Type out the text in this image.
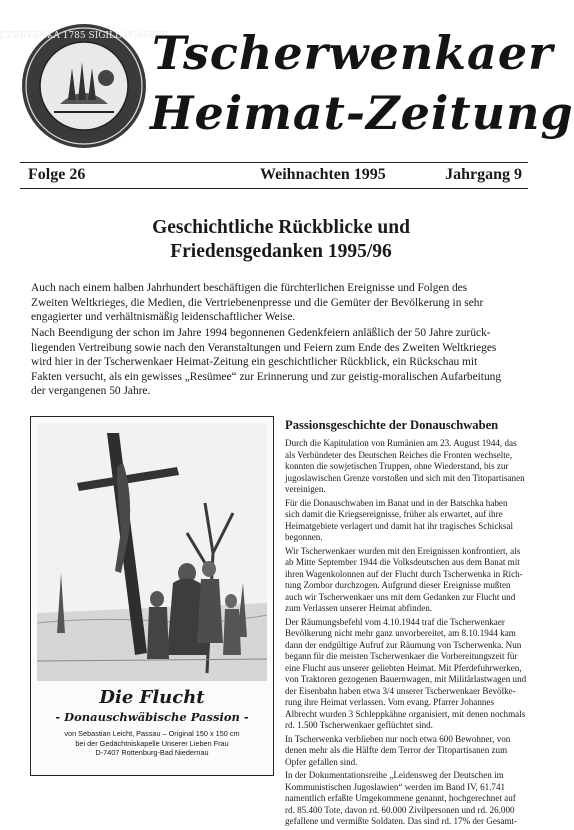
CZERVENKA 1785 SIGILL POSSESS
Tscherwenkaer
Heimat-Zeitung
Folge 26	Weihnachten 1995	Jahrgang 9
Geschichtliche Rückblicke und
Friedensgedanken 1995/96
Auch nach einem halben Jahrhundert beschäftigen die fürchterlichen Ereignisse und Folgen des
Zweiten Weltkrieges, die Medien, die Vertriebenenpresse und die Gemüter der Bevölkerung in sehr
engagierter und verhältnismäßig leidenschaftlicher Weise.
Nach Beendigung der schon im Jahre 1994 begonnenen Gedenkfeiern anläßlich der 50 Jahre zurück-
liegenden Vertreibung sowie nach den Veranstaltungen und Feiern zum Ende des Zweiten Weltkrieges
wird hier in der Tscherwenkaer Heimat-Zeitung ein geschichtlicher Rückblick, ein Rückschau mit
Fakten versucht, als ein gewisses „Resümee“ zur Erinnerung und zur geistig-moralischen Aufarbeitung
der vergangenen 50 Jahre.
Die Flucht
- Donauschwäbische Passion -
von Sebastian Leicht, Passau – Original 150 x 150 cm
bei der Gedächtniskapelle Unserer Lieben Frau
D-7407 Rottenburg-Bad Niedernau
Passionsgeschichte der Donauschwaben

Durch die Kapitulation von Rumänien am 23. August 1944, das
als Verbündeter des Deutschen Reiches die Fronten wechselte,
konnten die sowjetischen Truppen, ohne Wiederstand, bis zur
jugoslawischen Grenze vorstoßen und sich mit den Titopartisanen
vereinigen.

Für die Donauschwaben im Banat und in der Batschka haben
sich damit die Kriegsereignisse, früher als erwartet, auf ihre
Heimatgebiete verlagert und damit hat ihr tragisches Schicksal
begonnen.

Wir Tscherwenkaer wurden mit den Ereignissen konfrontiert, als
ab Mitte September 1944 die Volksdeutschen aus dem Banat mit
ihren Wagenkolonnen auf der Flucht durch Tscherwenka in Rich-
tung Zombor durchzogen. Aufgrund dieser Ereignisse mußten
auch wir Tscherwenkaer uns mit dem Gedanken zur Flucht und
zum Verlassen unserer Heimat abfinden.

Der Räumungsbefehl vom 4.10.1944 traf die Tscherwenkaer
Bevölkerung nicht mehr ganz unvorbereitet, am 8.10.1944 kam
dann der endgültige Aufruf zur Räumung von Tscherwenka. Nun
begann für die meisten Tscherwenkaer die Vorbereitungszeit für
eine Flucht aus unserer geliebten Heimat. Mit Pferdefuhrwerken,
von Traktoren gezogenen Bauernwagen, mit Militärlastwagen und
der Eisenbahn haben etwa 3/4 unserer Tscherwenkaer Bevölke-
rung ihre Heimat verlassen. Vom evang. Pfarrer Johannes
Albrecht wurden 3 Schleppkähne organisiert, mit denen nochmals
rd. 1.500 Tscherwenkaer geflüchtet sind.

In Tscherwenka verblieben nur noch etwa 600 Bewohner, von
denen mehr als die Hälfte dem Terror der Titopartisanen zum
Opfer gefallen sind.

In der Dokumentationsreihe „Leidensweg der Deutschen im
Kommunistischen Jugoslawien“ werden im Band IV, 61.741
namentlich erfaßte Umgekommene genannt, hochgerechnet auf
rd. 85.400 Tote, davon rd. 60.000 Zivilpersonen und rd. 26.000
gefallene und vermißte Soldaten. Das sind rd. 17% der Gesamt-
